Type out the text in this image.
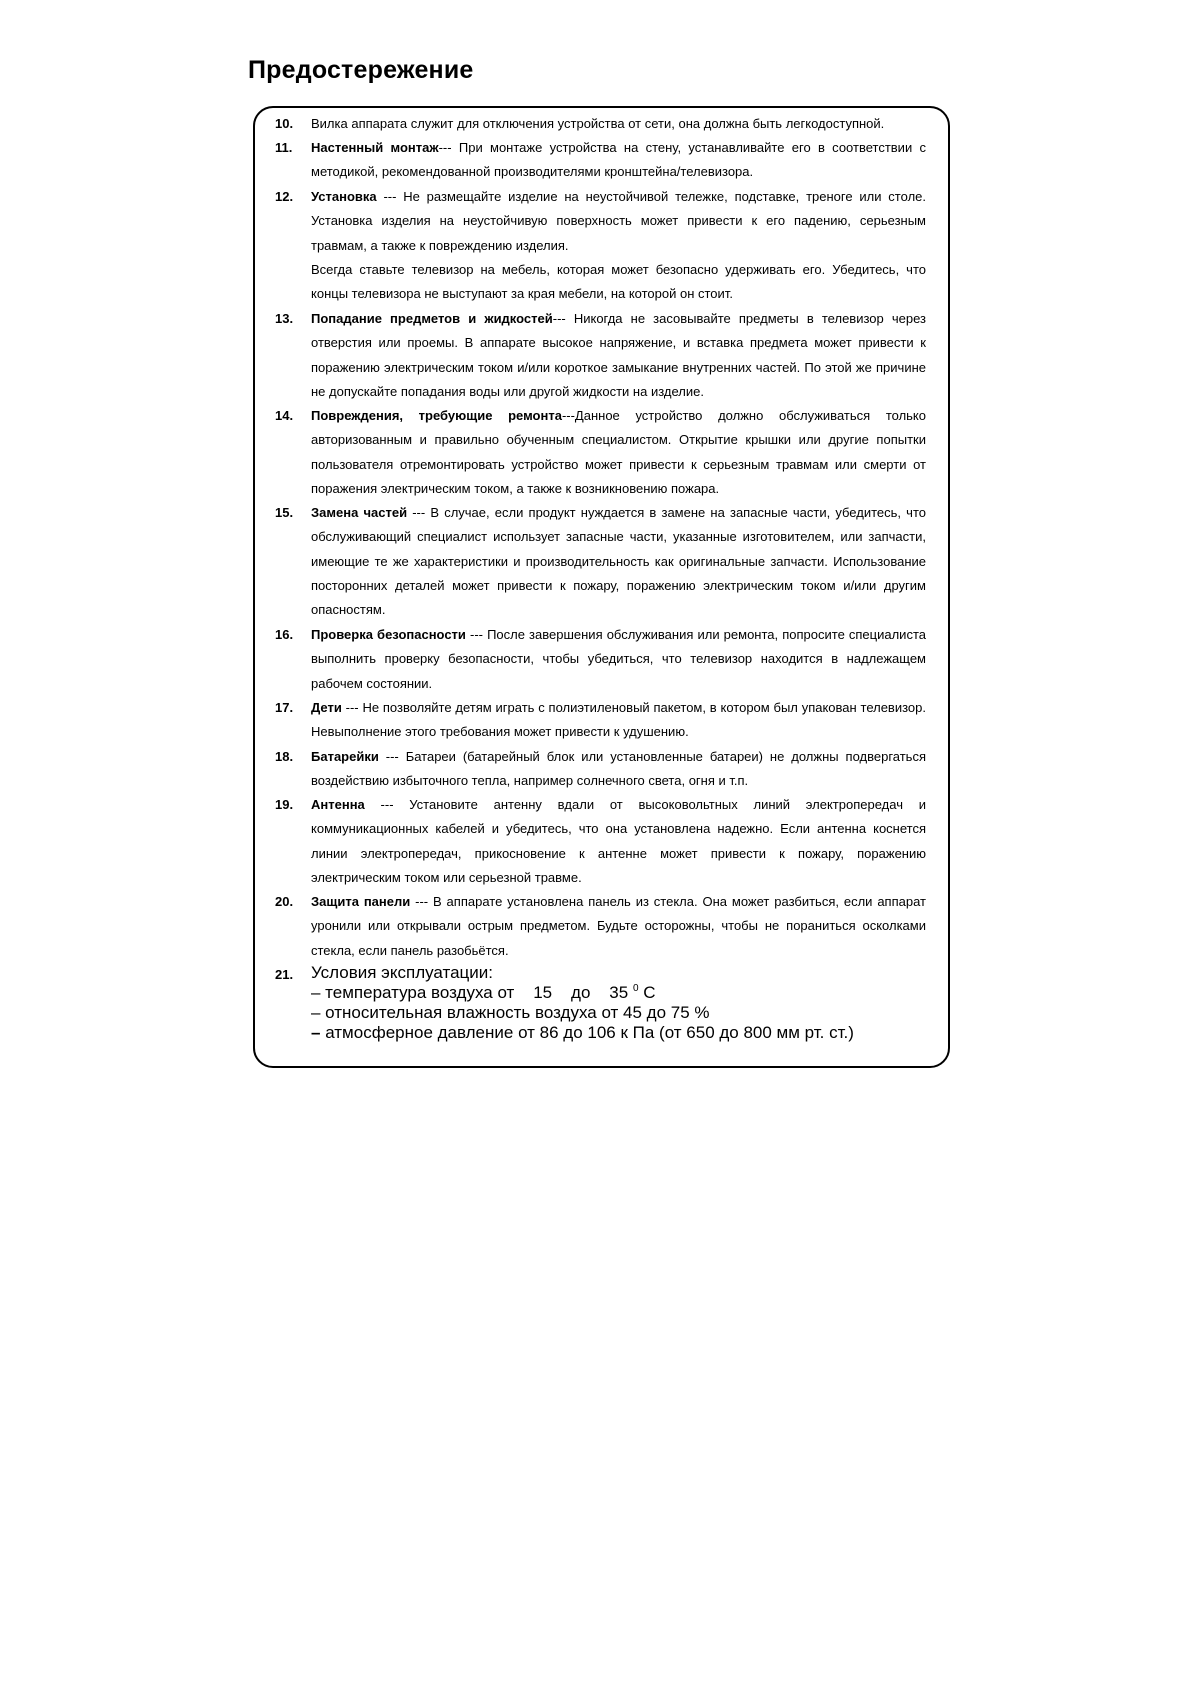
Предостережение
10.	Вилка аппарата служит для отключения устройства от сети, она должна быть легкодоступной.
11.	Настенный монтаж--- При монтаже устройства на стену, устанавливайте его в соответствии с методикой, рекомендованной производителями кронштейна/телевизора.
12.	Установка --- Не размещайте изделие на неустойчивой тележке, подставке, треноге или столе. Установка изделия на неустойчивую поверхность может привести к его падению, серьезным травмам, а также к повреждению изделия.
Всегда ставьте телевизор на мебель, которая может безопасно удерживать его. Убедитесь, что концы телевизора не выступают за края мебели, на которой он стоит.
13.	Попадание предметов и жидкостей--- Никогда не засовывайте предметы в телевизор через отверстия или проемы. В аппарате высокое напряжение, и вставка предмета может привести к поражению электрическим током и/или короткое замыкание внутренних частей. По этой же причине не допускайте попадания воды или другой жидкости на изделие.
14.	Повреждения, требующие ремонта---Данное устройство должно обслуживаться только авторизованным и правильно обученным специалистом. Открытие крышки или другие попытки пользователя отремонтировать устройство может привести к серьезным травмам или смерти от поражения электрическим током, а также к возникновению пожара.
15.	Замена частей --- В случае, если продукт нуждается в замене на запасные части, убедитесь, что обслуживающий специалист использует запасные части, указанные изготовителем, или запчасти, имеющие те же характеристики и производительность как оригинальные запчасти. Использование посторонних деталей может привести к пожару, поражению электрическим током и/или другим опасностям.
16.	Проверка безопасности --- После завершения обслуживания или ремонта, попросите специалиста выполнить проверку безопасности, чтобы убедиться, что телевизор находится в надлежащем рабочем состоянии.
17.	Дети --- Не позволяйте детям играть с полиэтиленовый пакетом, в котором был упакован телевизор. Невыполнение этого требования может привести к удушению.
18.	Батарейки --- Батареи (батарейный блок или установленные батареи) не должны подвергаться воздействию избыточного тепла, например солнечного света, огня и т.п.
19.	Антенна --- Установите антенну вдали от высоковольтных линий электропередач и коммуникационных кабелей и убедитесь, что она установлена надежно. Если антенна коснется линии электропередач, прикосновение к антенне может привести к пожару, поражению электрическим током или серьезной травме.
20.	Защита панели --- В аппарате установлена панель из стекла. Она может разбиться, если аппарат уронили или открывали острым предметом. Будьте осторожны, чтобы не пораниться осколками стекла, если панель разобьётся.
21.	Условия эксплуатации:
– температура воздуха от    15    до    35 $^0$ С
– относительная влажность воздуха от 45 до 75 %
– атмосферное давление от 86 до 106 к Па (от 650 до 800 мм рт. ст.)
